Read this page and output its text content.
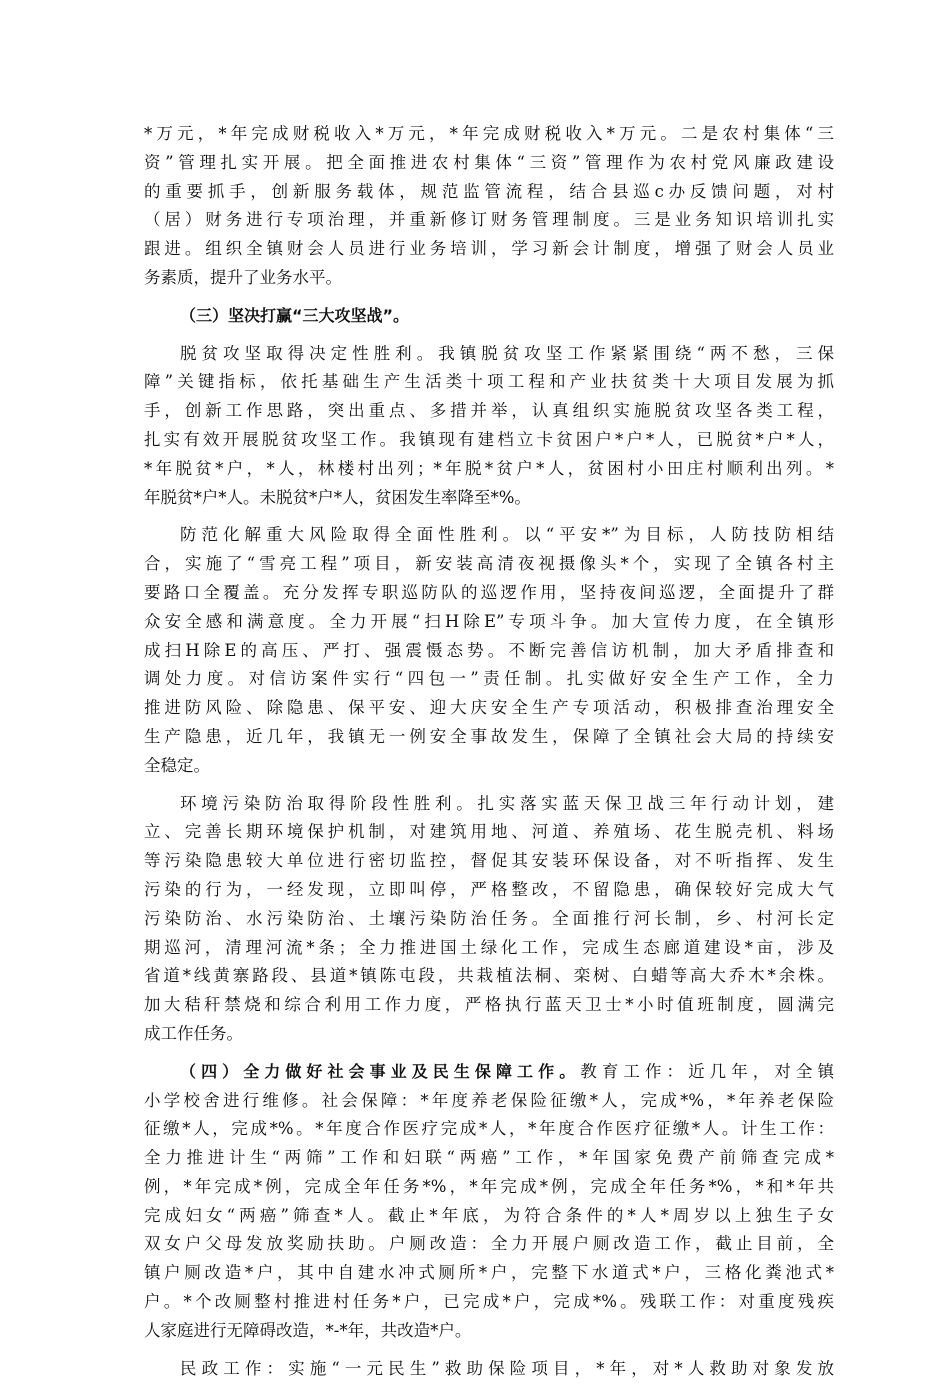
*万元，*年完成财税收入*万元，*年完成财税收入*万元。二是农村集体“三
资”管理扎实开展。把全面推进农村集体“三资”管理作为农村党风廉政建设
的重要抓手，创新服务载体，规范监管流程，结合县巡c办反馈问题，对村
（居）财务进行专项治理，并重新修订财务管理制度。三是业务知识培训扎实
跟进。组织全镇财会人员进行业务培训，学习新会计制度，增强了财会人员业
务素质，提升了业务水平。
（三）坚决打赢“三大攻坚战”。
脱贫攻坚取得决定性胜利。我镇脱贫攻坚工作紧紧围绕“两不愁，三保
障”关键指标，依托基础生产生活类十项工程和产业扶贫类十大项目发展为抓
手，创新工作思路，突出重点、多措并举，认真组织实施脱贫攻坚各类工程，
扎实有效开展脱贫攻坚工作。我镇现有建档立卡贫困户*户*人，已脱贫*户*人，
*年脱贫*户，*人，林楼村出列；*年脱*贫户*人，贫困村小田庄村顺利出列。*
年脱贫*户*人。未脱贫*户*人，贫困发生率降至*%。
防范化解重大风险取得全面性胜利。以“平安*”为目标，人防技防相结
合，实施了“雪亮工程”项目，新安装高清夜视摄像头*个，实现了全镇各村主
要路口全覆盖。充分发挥专职巡防队的巡逻作用，坚持夜间巡逻，全面提升了群
众安全感和满意度。全力开展“扫H除E”专项斗争。加大宣传力度，在全镇形
成扫H除E的高压、严打、强震慑态势。不断完善信访机制，加大矛盾排查和
调处力度。对信访案件实行“四包一”责任制。扎实做好安全生产工作，全力
推进防风险、除隐患、保平安、迎大庆安全生产专项活动，积极排查治理安全
生产隐患，近几年，我镇无一例安全事故发生，保障了全镇社会大局的持续安
全稳定。
环境污染防治取得阶段性胜利。扎实落实蓝天保卫战三年行动计划，建
立、完善长期环境保护机制，对建筑用地、河道、养殖场、花生脱壳机、料场
等污染隐患较大单位进行密切监控，督促其安装环保设备，对不听指挥、发生
污染的行为，一经发现，立即叫停，严格整改，不留隐患，确保较好完成大气
污染防治、水污染防治、土壤污染防治任务。全面推行河长制，乡、村河长定
期巡河，清理河流*条；全力推进国土绿化工作，完成生态廊道建设*亩，涉及
省道*线黄寨路段、县道*镇陈屯段，共栽植法桐、栾树、白蜡等高大乔木*余株。
加大秸秆禁烧和综合利用工作力度，严格执行蓝天卫士*小时值班制度，圆满完
成工作任务。
（四）全力做好社会事业及民生保障工作。教育工作：近几年，对全镇
小学校舍进行维修。社会保障：*年度养老保险征缴*人，完成*%，*年养老保险
征缴*人，完成*%。*年度合作医疗完成*人，*年度合作医疗征缴*人。计生工作：
全力推进计生“两筛”工作和妇联“两癌”工作，*年国家免费产前筛查完成*
例，*年完成*例，完成全年任务*%，*年完成*例，完成全年任务*%，*和*年共
完成妇女“两癌”筛查*人。截止*年底，为符合条件的*人*周岁以上独生子女
双女户父母发放奖励扶助。户厕改造：全力开展户厕改造工作，截止目前，全
镇户厕改造*户，其中自建水冲式厕所*户，完整下水道式*户，三格化粪池式*
户。*个改厕整村推进村任务*户，已完成*户，完成*%。残联工作：对重度残疾
人家庭进行无障碍改造，*-*年，共改造*户。
民政工作：实施“一元民生”救助保险项目，*年，对*人救助对象发放
